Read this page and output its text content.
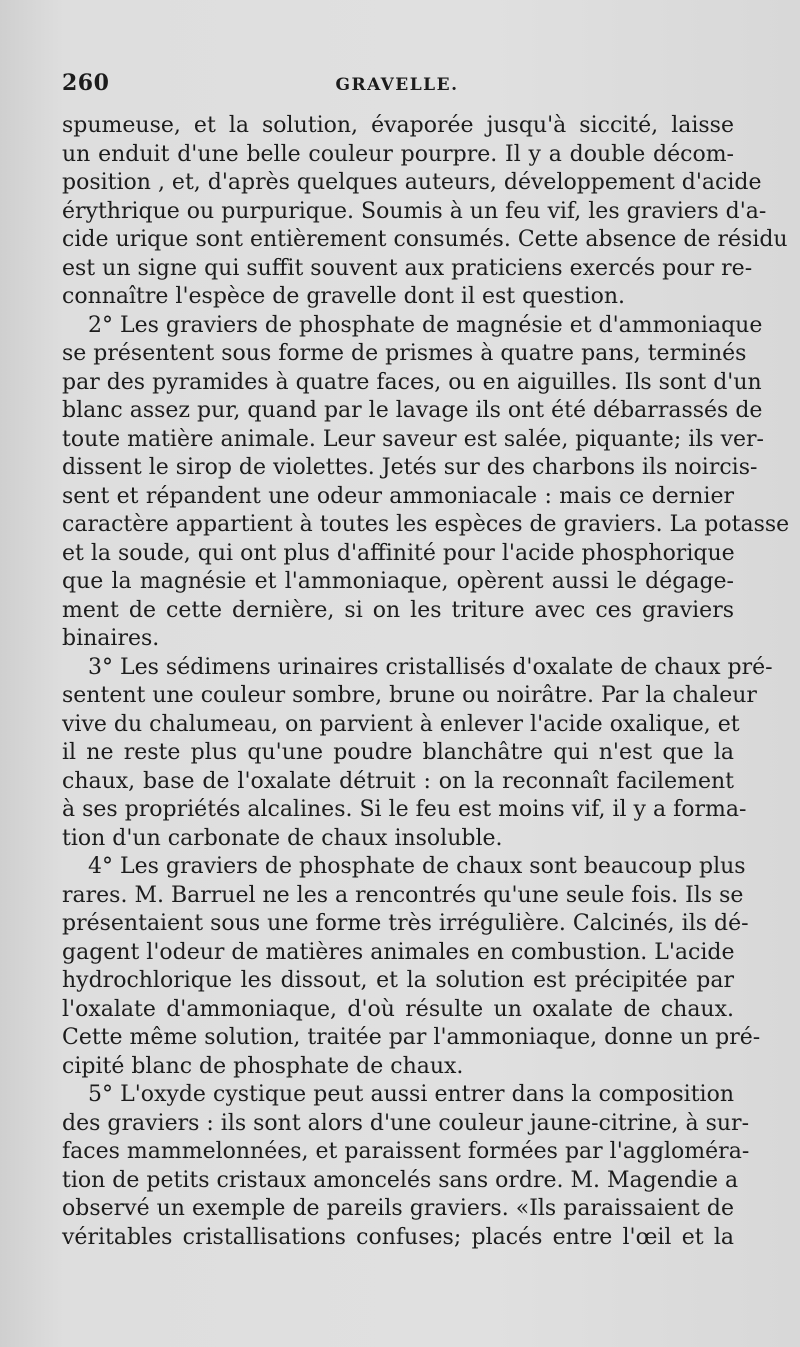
260	GRAVELLE.
spumeuse, et la solution, évaporée jusqu'à siccité, laisse
un enduit d'une belle couleur pourpre. Il y a double décom-
position , et, d'après quelques auteurs, développement d'acide
érythrique ou purpurique. Soumis à un feu vif, les graviers d'a-
cide urique sont entièrement consumés. Cette absence de résidu
est un signe qui suffit souvent aux praticiens exercés pour re-
connaître l'espèce de gravelle dont il est question.
2° Les graviers de phosphate de magnésie et d'ammoniaque
se présentent sous forme de prismes à quatre pans, terminés
par des pyramides à quatre faces, ou en aiguilles. Ils sont d'un
blanc assez pur, quand par le lavage ils ont été débarrassés de
toute matière animale. Leur saveur est salée, piquante; ils ver-
dissent le sirop de violettes. Jetés sur des charbons ils noircis-
sent et répandent une odeur ammoniacale : mais ce dernier
caractère appartient à toutes les espèces de graviers. La potasse
et la soude, qui ont plus d'affinité pour l'acide phosphorique
que la magnésie et l'ammoniaque, opèrent aussi le dégage-
ment de cette dernière, si on les triture avec ces graviers
binaires.
3° Les sédimens urinaires cristallisés d'oxalate de chaux pré-
sentent une couleur sombre, brune ou noirâtre. Par la chaleur
vive du chalumeau, on parvient à enlever l'acide oxalique, et
il ne reste plus qu'une poudre blanchâtre qui n'est que la
chaux, base de l'oxalate détruit : on la reconnaît facilement
à ses propriétés alcalines. Si le feu est moins vif, il y a forma-
tion d'un carbonate de chaux insoluble.
4° Les graviers de phosphate de chaux sont beaucoup plus
rares. M. Barruel ne les a rencontrés qu'une seule fois. Ils se
présentaient sous une forme très irrégulière. Calcinés, ils dé-
gagent l'odeur de matières animales en combustion. L'acide
hydrochlorique les dissout, et la solution est précipitée par
l'oxalate d'ammoniaque, d'où résulte un oxalate de chaux.
Cette même solution, traitée par l'ammoniaque, donne un pré-
cipité blanc de phosphate de chaux.
5° L'oxyde cystique peut aussi entrer dans la composition
des graviers : ils sont alors d'une couleur jaune-citrine, à sur-
faces mammelonnées, et paraissent formées par l'aggloméra-
tion de petits cristaux amoncelés sans ordre. M. Magendie a
observé un exemple de pareils graviers. «Ils paraissaient de
véritables cristallisations confuses; placés entre l'œil et la
